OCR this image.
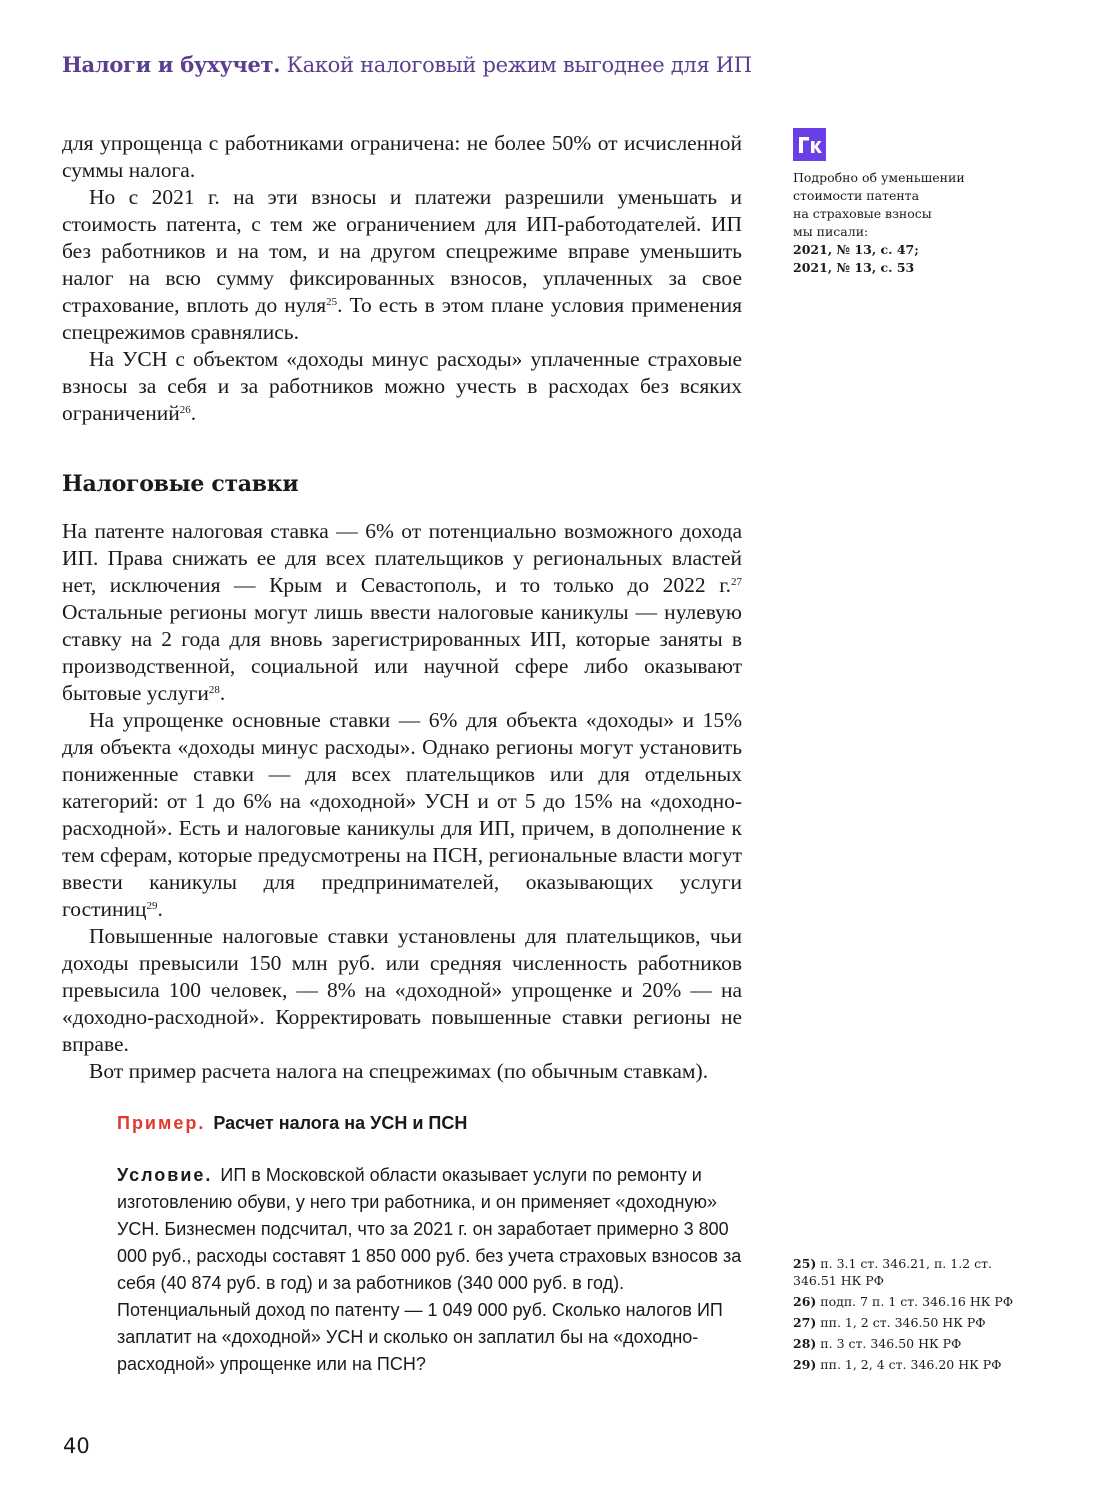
Налоги и бухучет. Какой налоговый режим выгоднее для ИП

для упрощенца с работниками ограничена: не более 50% от исчисленной суммы налога.

Но с 2021 г. на эти взносы и платежи разрешили уменьшать и стоимость патента, с тем же ограничением для ИП-работодателей. ИП без работников и на том, и на другом спецрежиме вправе уменьшить налог на всю сумму фиксированных взносов, уплаченных за свое страхование, вплоть до нуля$^{25}$. То есть в этом плане условия применения спецрежимов сравнялись.

На УСН с объектом «доходы минус расходы» уплаченные страховые взносы за себя и за работников можно учесть в расходах без всяких ограничений$^{26}$.

Налоговые ставки

На патенте налоговая ставка — 6% от потенциально возможного дохода ИП. Права снижать ее для всех плательщиков у региональных властей нет, исключения — Крым и Севастополь, и то только до 2022 г.$^{27}$ Остальные регионы могут лишь ввести налоговые каникулы — нулевую ставку на 2 года для вновь зарегистрированных ИП, которые заняты в производственной, социальной или научной сфере либо оказывают бытовые услуги$^{28}$.

На упрощенке основные ставки — 6% для объекта «доходы» и 15% для объекта «доходы минус расходы». Однако регионы могут установить пониженные ставки — для всех плательщиков или для отдельных категорий: от 1 до 6% на «доходной» УСН и от 5 до 15% на «доходно-расходной». Есть и налоговые каникулы для ИП, причем, в дополнение к тем сферам, которые предусмотрены на ПСН, региональные власти могут ввести каникулы для предпринимателей, оказывающих услуги гостиниц$^{29}$.

Повышенные налоговые ставки установлены для плательщиков, чьи доходы превысили 150 млн руб. или средняя численность работников превысила 100 человек, — 8% на «доходной» упрощенке и 20% — на «доходно-расходной». Корректировать повышенные ставки регионы не вправе.

Вот пример расчета налога на спецрежимах (по обычным ставкам).

Пример. Расчет налога на УСН и ПСН

Условие. ИП в Московской области оказывает услуги по ремонту и изготовлению обуви, у него три работника, и он применяет «доходную» УСН. Бизнесмен подсчитал, что за 2021 г. он заработает примерно 3 800 000 руб., расходы составят 1 850 000 руб. без учета страховых взносов за себя (40 874 руб. в год) и за работников (340 000 руб. в год). Потенциальный доход по патенту — 1 049 000 руб. Сколько налогов ИП заплатит на «доходной» УСН и сколько он заплатил бы на «доходно-расходной» упрощенке или на ПСН?

Подробно об уменьшении
стоимости патента
на страховые взносы
мы писали:
2021, № 13, с. 47;
2021, № 13, с. 53
25) п. 3.1 ст. 346.21, п. 1.2 ст. 346.51 НК РФ
26) подп. 7 п. 1 ст. 346.16 НК РФ
27) пп. 1, 2 ст. 346.50 НК РФ
28) п. 3 ст. 346.50 НК РФ
29) пп. 1, 2, 4 ст. 346.20 НК РФ
40
